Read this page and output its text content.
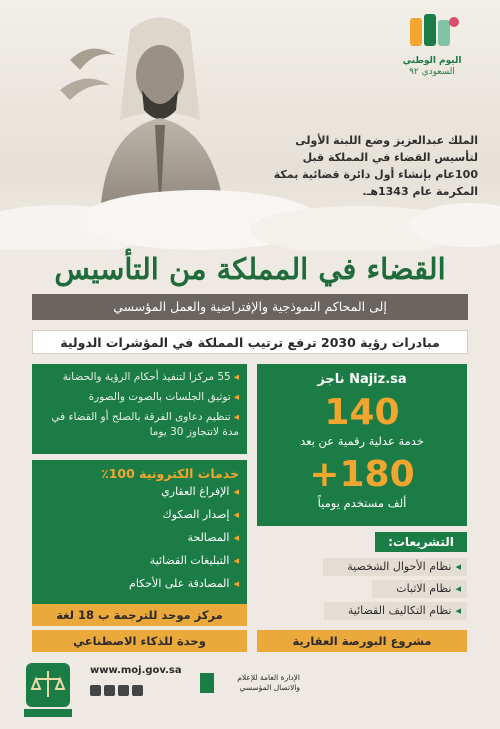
اليوم الوطني
السعودي ٩٢
الملك عبدالعزيز وضع اللبنة الأولى لتأسيس القضاء في المملكة قبل 100عام بإنشاء أول دائرة قضائية بمكة المكرمة عام 1343هـ.
القضاء في المملكة من التأسيس
إلى المحاكم النموذجية والإفتراضية والعمل المؤسسي
مبادرات رؤية 2030 ترفع ترتيب المملكة في المؤشرات الدولية
Najiz.sa ناجز
140
خدمة عدلية رقمية عن بعد
180+
ألف مستخدم يومياً
التشريعات:
◂نظام الأحوال الشخصية
◂نظام الاثبات
◂نظام التكاليف القضائية
◂55 مركزا لتنفيذ أحكام الرؤية والحضانة
◂توثيق الجلسات بالصوت والصورة
◂تنظيم دعاوى الفرقة بالصلح أو القضاء في مدة لاتتجاوز 30 يوما
خدمات الكترونية 100٪
◂الإفراغ العقاري
◂إصدار الصكوك
◂المصالحة
◂التبليغات القضائية
◂المصادقة على الأحكام
مركز موحد للترجمة ب 18 لغة
وحدة للذكاء الاصطناعي	مشروع البورصة العقارية
www.moj.gov.sa
الإدارة العامة للإعلام
والاتصال المؤسسي
